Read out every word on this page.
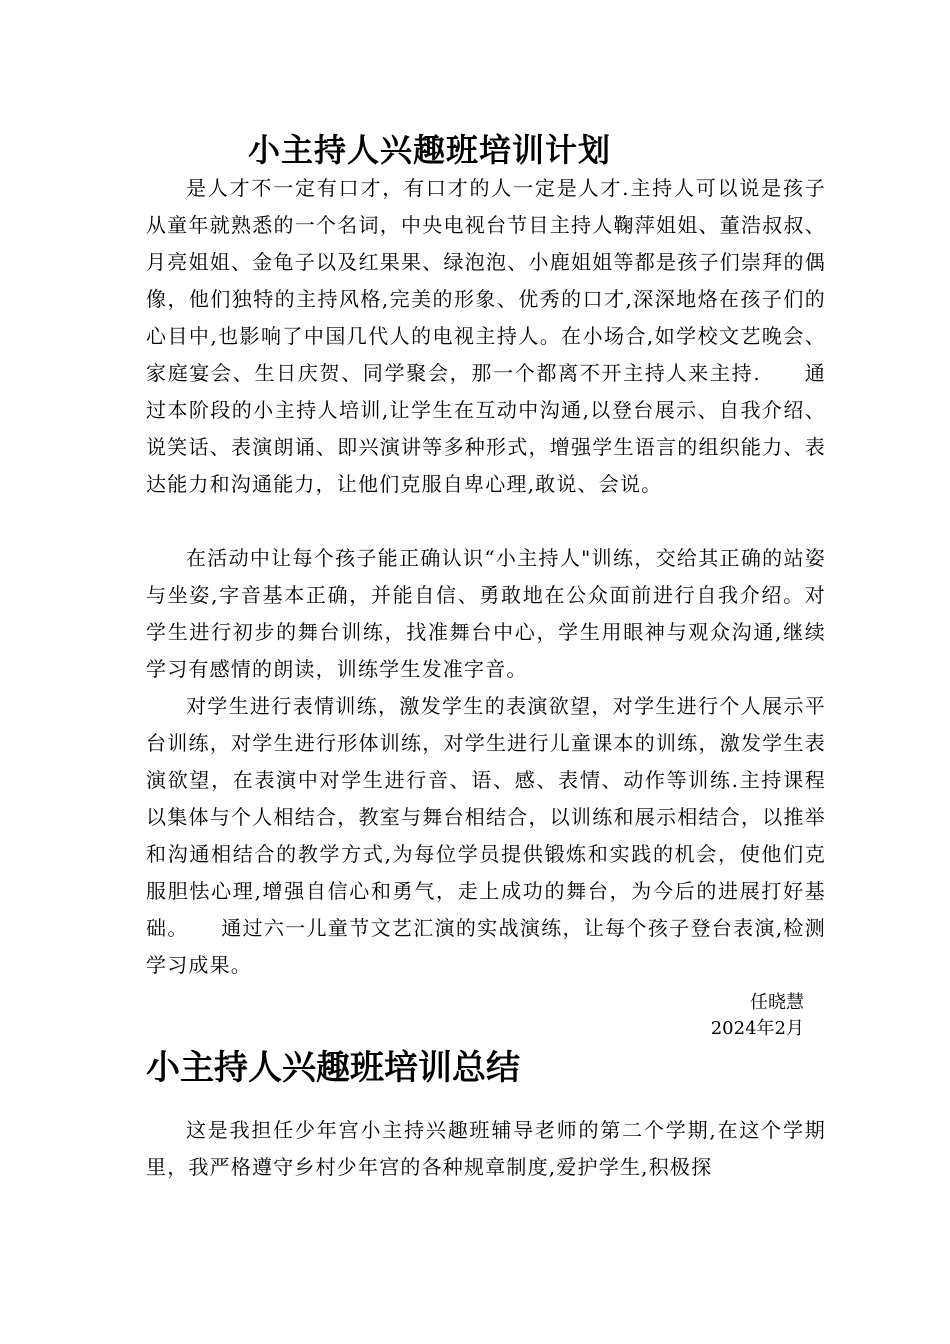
小主持人兴趣班培训计划

是人才不一定有口才，有口才的人一定是人才.主持人可以说是孩子从童年就熟悉的一个名词，中央电视台节目主持人鞠萍姐姐、董浩叔叔、月亮姐姐、金龟子以及红果果、绿泡泡、小鹿姐姐等都是孩子们崇拜的偶像，他们独特的主持风格,完美的形象、优秀的口才,深深地烙在孩子们的心目中,也影响了中国几代人的电视主持人。在小场合,如学校文艺晚会、家庭宴会、生日庆贺、同学聚会，那一个都离不开主持人来主持.　　通过本阶段的小主持人培训,让学生在互动中沟通,以登台展示、自我介绍、说笑话、表演朗诵、即兴演讲等多种形式，增强学生语言的组织能力、表达能力和沟通能力，让他们克服自卑心理,敢说、会说。

在活动中让每个孩子能正确认识“小主持人"训练，交给其正确的站姿与坐姿,字音基本正确，并能自信、勇敢地在公众面前进行自我介绍。对学生进行初步的舞台训练，找准舞台中心，学生用眼神与观众沟通,继续学习有感情的朗读，训练学生发准字音。

对学生进行表情训练，激发学生的表演欲望，对学生进行个人展示平台训练，对学生进行形体训练，对学生进行儿童课本的训练，激发学生表演欲望，在表演中对学生进行音、语、感、表情、动作等训练.主持课程以集体与个人相结合，教室与舞台相结合，以训练和展示相结合，以推举和沟通相结合的教学方式,为每位学员提供锻炼和实践的机会，使他们克服胆怯心理,增强自信心和勇气，走上成功的舞台，为今后的进展打好基础。　　通过六一儿童节文艺汇演的实战演练，让每个孩子登台表演,检测学习成果。

任晓慧
2024年2月
小主持人兴趣班培训总结

这是我担任少年宫小主持兴趣班辅导老师的第二个学期,在这个学期里，我严格遵守乡村少年宫的各种规章制度,爱护学生,积极探
